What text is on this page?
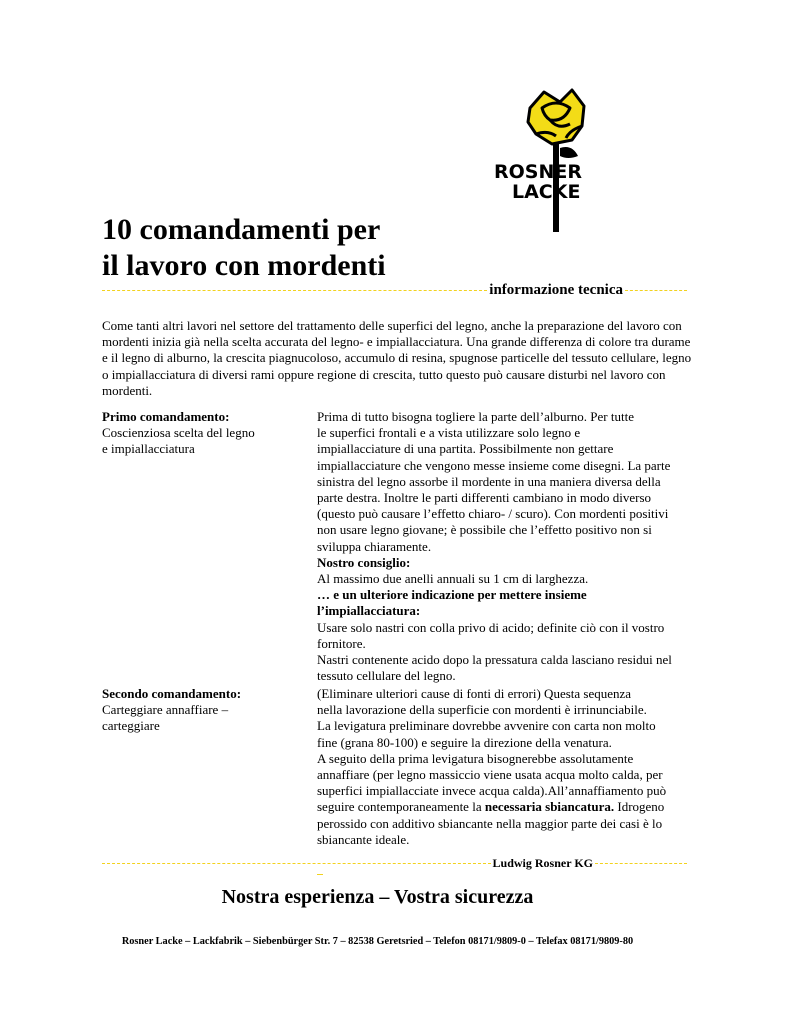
ROSNER
LACKE
10 comandamenti per
il lavoro con mordenti
informazione tecnica

Come tanti altri lavori nel settore del trattamento delle superfici del legno, anche la preparazione del lavoro con mordenti inizia già nella scelta accurata del legno- e impiallacciatura. Una grande differenza di colore tra durame e il legno di alburno, la crescita piagnucoloso, accumulo di resina, spugnose particelle del tessuto cellulare, legno o impiallacciatura di diversi rami oppure regione di crescita, tutto questo può causare disturbi nel lavoro con mordenti.

Primo comandamento:
Coscienziosa scelta del legno
e impiallacciatura
Prima di tutto bisogna togliere la parte dell’alburno. Per tutte
le superfici frontali e a vista utilizzare solo legno e
impiallacciature di una partita. Possibilmente non gettare
impiallacciature che vengono messe insieme come disegni. La parte
sinistra del legno assorbe il mordente in una maniera diversa della
parte destra. Inoltre le parti differenti cambiano in modo diverso
(questo può causare l’effetto chiaro- / scuro). Con mordenti positivi
non usare legno giovane; è possibile che l’effetto positivo non si
sviluppa chiaramente.
Nostro consiglio:
Al massimo due anelli annuali su 1 cm di larghezza.
… e un ulteriore indicazione per mettere insieme
l’impiallacciatura:
Usare solo nastri con colla privo di acido; definite ciò con il vostro
fornitore.
Nastri contenente acido dopo la pressatura calda lasciano residui nel
tessuto cellulare del legno.
Secondo comandamento:
Carteggiare annaffiare –
carteggiare
(Eliminare ulteriori cause di fonti di errori) Questa sequenza
nella lavorazione della superficie con mordenti è irrinunciabile.
La levigatura preliminare dovrebbe avvenire con carta non molto
fine (grana 80-100) e seguire la direzione della venatura.
A seguito della prima levigatura bisognerebbe assolutamente
annaffiare (per legno massiccio viene usata acqua molto calda, per
superfici impiallacciate invece acqua calda).All’annaffiamento può
seguire contemporaneamente la necessaria sbiancatura. Idrogeno
perossido con additivo sbiancante nella maggior parte dei casi è lo
sbiancante ideale.
Ludwig Rosner KG
Nostra esperienza – Vostra sicurezza
Rosner Lacke – Lackfabrik – Siebenbürger Str. 7 – 82538 Geretsried – Telefon 08171/9809-0 – Telefax 08171/9809-80
